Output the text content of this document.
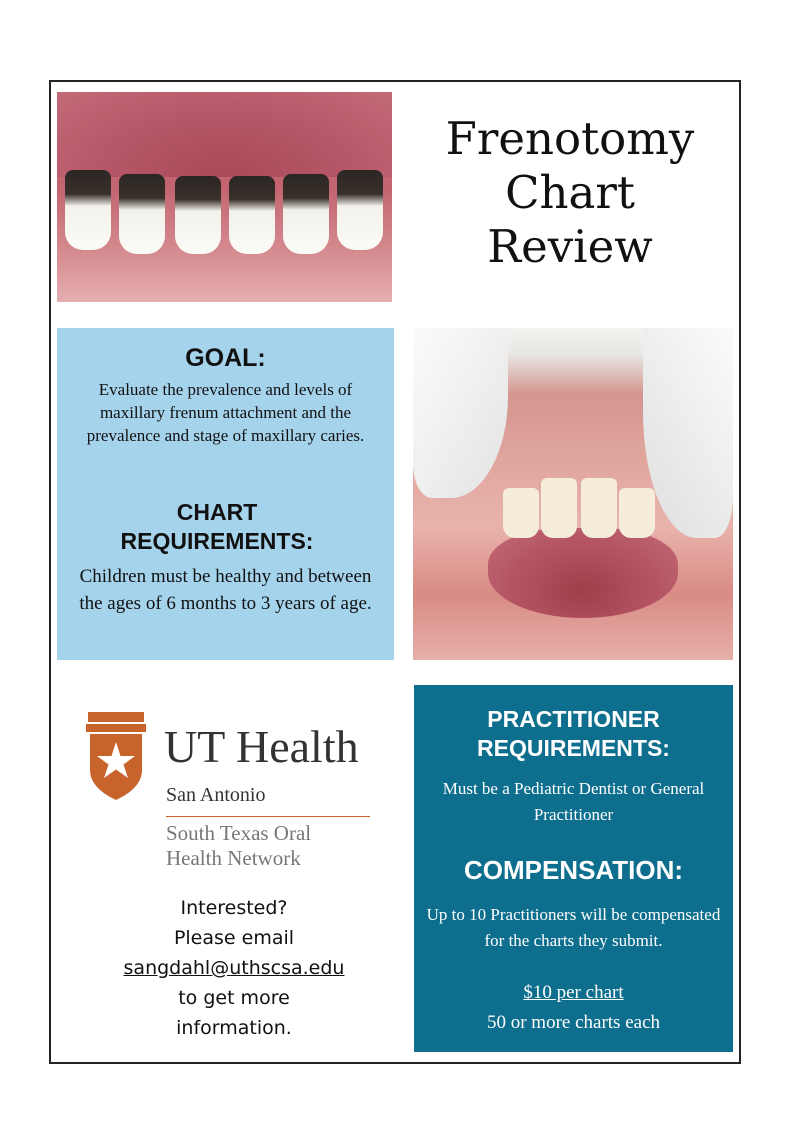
Frenotomy
Chart
Review
GOAL:
Evaluate the prevalence and levels of maxillary frenum attachment and the prevalence and stage of maxillary caries.
CHART REQUIREMENTS:
Children must be healthy and between the ages of 6 months to 3 years of age.
UT Health
San Antonio
South Texas Oral
Health Network
Interested?
Please email
sangdahl@uthscsa.edu
to get more
information.
PRACTITIONER REQUIREMENTS:
Must be a Pediatric Dentist or General Practitioner
COMPENSATION:
Up to 10 Practitioners will be compensated for the charts they submit.
$10 per chart
50 or more charts each
